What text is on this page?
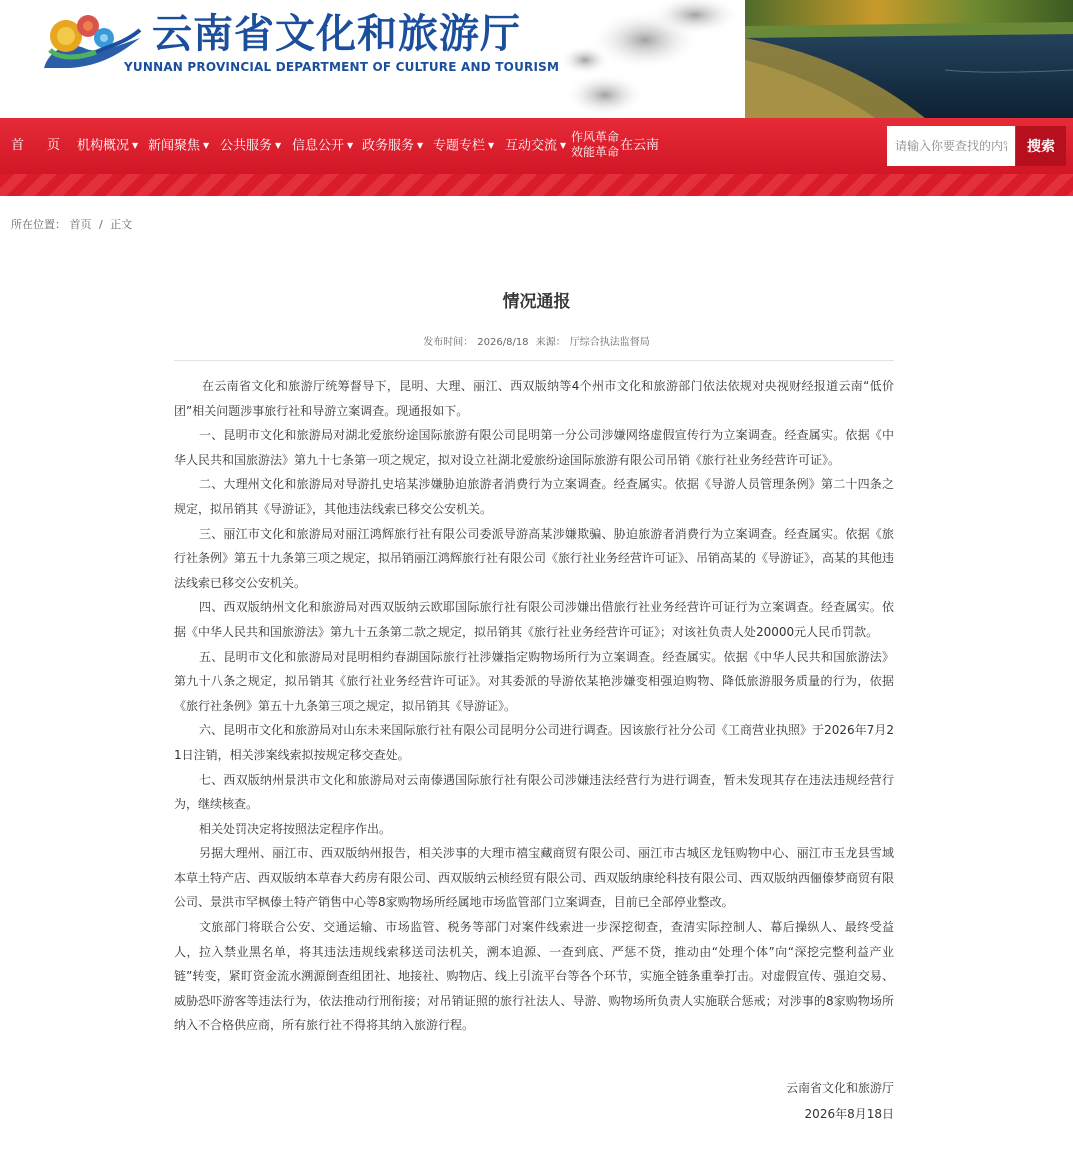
云南省文化和旅游厅
YUNNAN PROVINCIAL DEPARTMENT OF CULTURE AND TOURISM
首 页 机构概况 ▼ 新闻聚焦 ▼ 公共服务 ▼ 信息公开 ▼ 政务服务 ▼ 专题专栏 ▼ 互动交流 ▼
作风革命
效能革命 在云南
请输入你要查找的内容	搜索
所在位置： 首页 / 正文
情况通报
发布时间： 2026/8/18 来源： 厅综合执法监督局

在云南省文化和旅游厅统筹督导下，昆明、大理、丽江、西双版纳等4个州市文化和旅游部门依法依规对央视财经报道云南“低价团”相关问题涉事旅行社和导游立案调查。现通报如下。

一、昆明市文化和旅游局对湖北爱旅纷途国际旅游有限公司昆明第一分公司涉嫌网络虚假宣传行为立案调查。经查属实。依据《中华人民共和国旅游法》第九十七条第一项之规定，拟对设立社湖北爱旅纷途国际旅游有限公司吊销《旅行社业务经营许可证》。

二、大理州文化和旅游局对导游扎史培某涉嫌胁迫旅游者消费行为立案调查。经查属实。依据《导游人员管理条例》第二十四条之规定，拟吊销其《导游证》，其他违法线索已移交公安机关。

三、丽江市文化和旅游局对丽江鸿辉旅行社有限公司委派导游高某涉嫌欺骗、胁迫旅游者消费行为立案调查。经查属实。依据《旅行社条例》第五十九条第三项之规定，拟吊销丽江鸿辉旅行社有限公司《旅行社业务经营许可证》、吊销高某的《导游证》，高某的其他违法线索已移交公安机关。

四、西双版纳州文化和旅游局对西双版纳云欧耶国际旅行社有限公司涉嫌出借旅行社业务经营许可证行为立案调查。经查属实。依据《中华人民共和国旅游法》第九十五条第二款之规定，拟吊销其《旅行社业务经营许可证》；对该社负责人处20000元人民币罚款。

五、昆明市文化和旅游局对昆明相约春湖国际旅行社涉嫌指定购物场所行为立案调查。经查属实。依据《中华人民共和国旅游法》第九十八条之规定，拟吊销其《旅行社业务经营许可证》。对其委派的导游依某艳涉嫌变相强迫购物、降低旅游服务质量的行为，依据《旅行社条例》第五十九条第三项之规定，拟吊销其《导游证》。

六、昆明市文化和旅游局对山东未来国际旅行社有限公司昆明分公司进行调查。因该旅行社分公司《工商营业执照》于2026年7月21日注销，相关涉案线索拟按规定移交查处。

七、西双版纳州景洪市文化和旅游局对云南傣遇国际旅行社有限公司涉嫌违法经营行为进行调查，暂未发现其存在违法违规经营行为，继续核查。

相关处罚决定将按照法定程序作出。

另据大理州、丽江市、西双版纳州报告，相关涉事的大理市禧宝藏商贸有限公司、丽江市古城区龙钰购物中心、丽江市玉龙县雪域本草土特产店、西双版纳本草春大药房有限公司、西双版纳云桢经贸有限公司、西双版纳康纶科技有限公司、西双版纳西俪傣梦商贸有限公司、景洪市罕枫傣土特产销售中心等8家购物场所经属地市场监管部门立案调查，目前已全部停业整改。

文旅部门将联合公安、交通运输、市场监管、税务等部门对案件线索进一步深挖彻查，查清实际控制人、幕后操纵人、最终受益人，拉入禁业黑名单，将其违法违规线索移送司法机关，溯本追源、一查到底、严惩不贷，推动由“处理个体”向“深挖完整利益产业链”转变，紧盯资金流水溯源倒查组团社、地接社、购物店、线上引流平台等各个环节，实施全链条重拳打击。对虚假宣传、强迫交易、威胁恐吓游客等违法行为，依法推动行刑衔接；对吊销证照的旅行社法人、导游、购物场所负责人实施联合惩戒；对涉事的8家购物场所纳入不合格供应商，所有旅行社不得将其纳入旅游行程。

云南省文化和旅游厅
2026年8月18日
